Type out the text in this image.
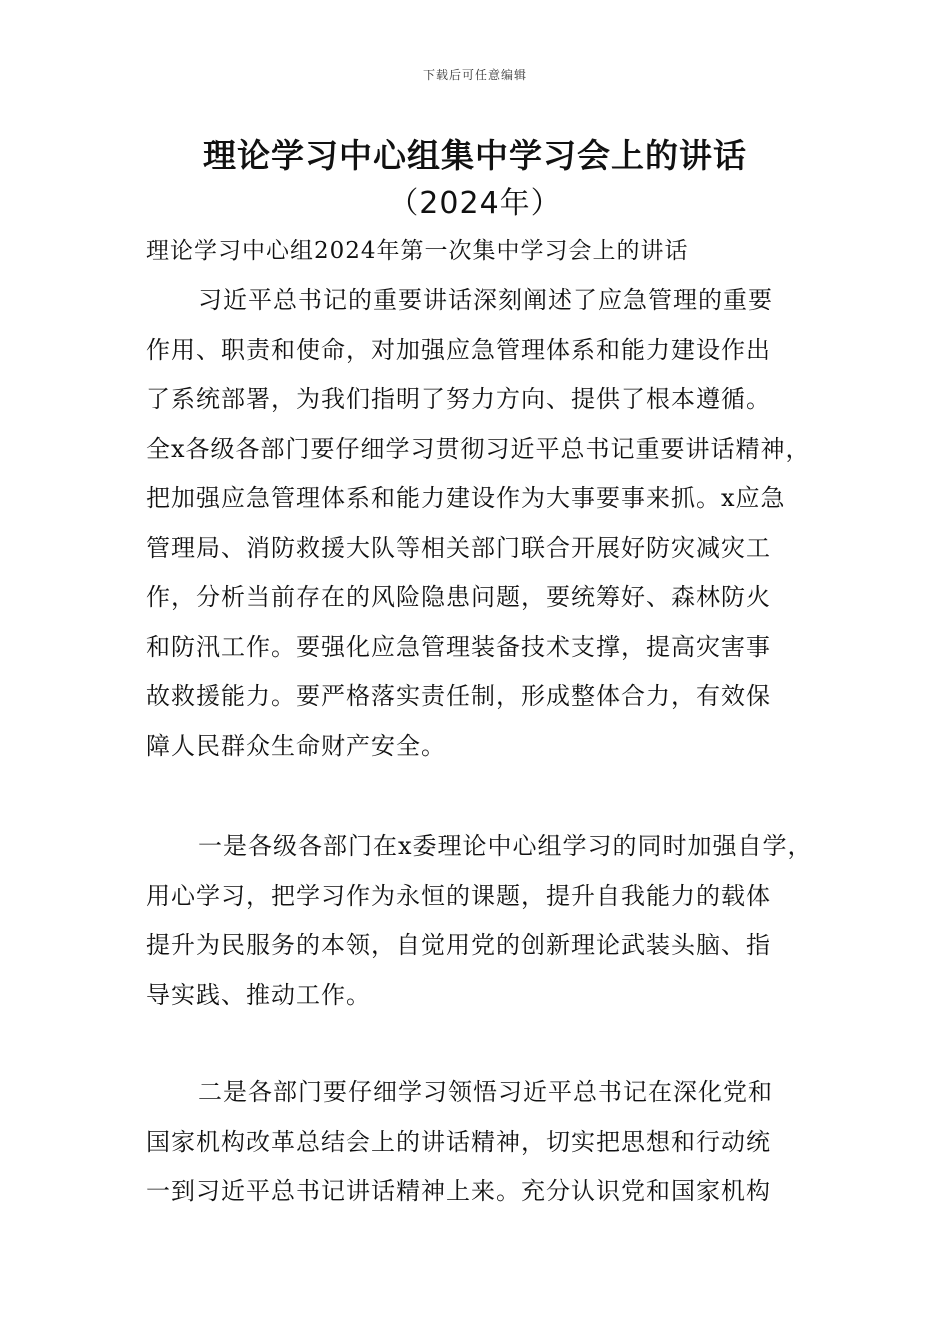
下载后可任意编辑
理论学习中心组集中学习会上的讲话
（2024年）
理论学习中心组2024年第一次集中学习会上的讲话
习近平总书记的重要讲话深刻阐述了应急管理的重要
作用、职责和使命，对加强应急管理体系和能力建设作出
了系统部署，为我们指明了努力方向、提供了根本遵循。
全x各级各部门要仔细学习贯彻习近平总书记重要讲话精神，
把加强应急管理体系和能力建设作为大事要事来抓。x应急
管理局、消防救援大队等相关部门联合开展好防灾减灾工
作，分析当前存在的风险隐患问题，要统筹好、森林防火
和防汛工作。要强化应急管理装备技术支撑，提高灾害事
故救援能力。要严格落实责任制，形成整体合力，有效保
障人民群众生命财产安全。
一是各级各部门在x委理论中心组学习的同时加强自学，
用心学习，把学习作为永恒的课题，提升自我能力的载体
提升为民服务的本领，自觉用党的创新理论武装头脑、指
导实践、推动工作。
二是各部门要仔细学习领悟习近平总书记在深化党和
国家机构改革总结会上的讲话精神，切实把思想和行动统
一到习近平总书记讲话精神上来。充分认识党和国家机构
